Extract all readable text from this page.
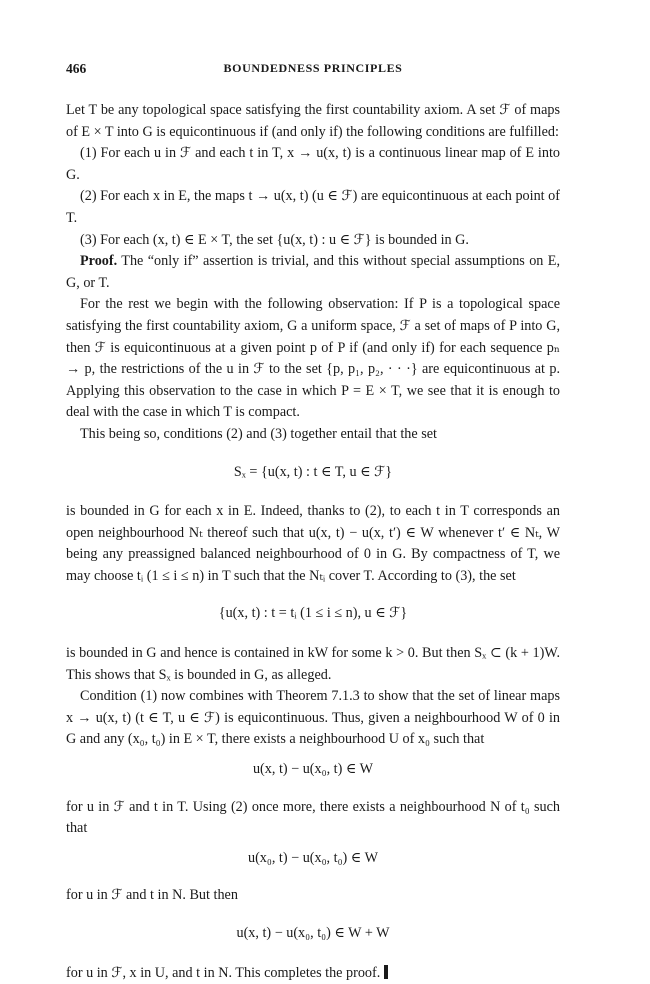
466	BOUNDEDNESS PRINCIPLES

Let T be any topological space satisfying the first countability axiom. A set ℱ of maps of E × T into G is equicontinuous if (and only if) the following conditions are fulfilled:

(1) For each u in ℱ and each t in T, x → u(x, t) is a continuous linear map of E into G.

(2) For each x in E, the maps t → u(x, t) (u ∈ ℱ) are equicontinuous at each point of T.

(3) For each (x, t) ∈ E × T, the set {u(x, t) : u ∈ ℱ} is bounded in G.

Proof. The “only if” assertion is trivial, and this without special assumptions on E, G, or T.

For the rest we begin with the following observation: If P is a topological space satisfying the first countability axiom, G a uniform space, ℱ a set of maps of P into G, then ℱ is equicontinuous at a given point p of P if (and only if) for each sequence pₙ → p, the restrictions of the u in ℱ to the set {p, p₁, p₂, · · ·} are equicontinuous at p. Applying this observation to the case in which P = E × T, we see that it is enough to deal with the case in which T is compact.

This being so, conditions (2) and (3) together entail that the set

Sₓ = {u(x, t) : t ∈ T, u ∈ ℱ}

is bounded in G for each x in E. Indeed, thanks to (2), to each t in T corresponds an open neighbourhood Nₜ thereof such that u(x, t) − u(x, t′) ∈ W whenever t′ ∈ Nₜ, W being any preassigned balanced neighbourhood of 0 in G. By compactness of T, we may choose tᵢ (1 ≤ i ≤ n) in T such that the Nₜᵢ cover T. According to (3), the set

{u(x, t) : t = tᵢ (1 ≤ i ≤ n), u ∈ ℱ}

is bounded in G and hence is contained in kW for some k > 0. But then Sₓ ⊂ (k + 1)W. This shows that Sₓ is bounded in G, as alleged.

Condition (1) now combines with Theorem 7.1.3 to show that the set of linear maps x → u(x, t) (t ∈ T, u ∈ ℱ) is equicontinuous. Thus, given a neighbourhood W of 0 in G and any (x₀, t₀) in E × T, there exists a neighbourhood U of x₀ such that

u(x, t) − u(x₀, t) ∈ W

for u in ℱ and t in T. Using (2) once more, there exists a neighbourhood N of t₀ such that

u(x₀, t) − u(x₀, t₀) ∈ W

for u in ℱ and t in N. But then

u(x, t) − u(x₀, t₀) ∈ W + W

for u in ℱ, x in U, and t in N. This completes the proof.
